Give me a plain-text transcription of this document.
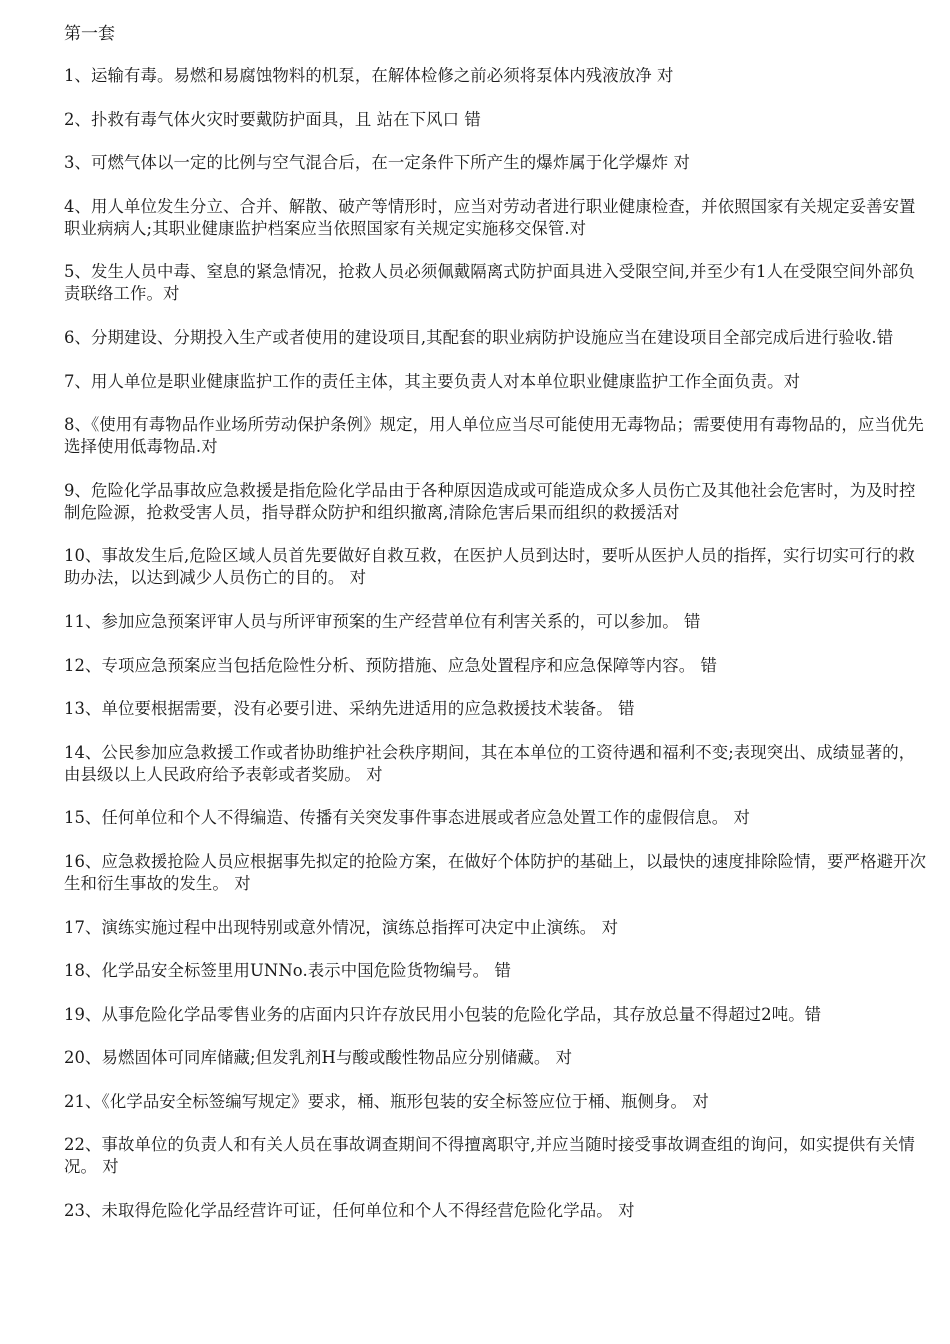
第一套
1、运输有毒。易燃和易腐蚀物料的机泵，在解体检修之前必须将泵体内残液放净 对
2、扑救有毒气体火灾时要戴防护面具，且 站在下风口 错
3、可燃气体以一定的比例与空气混合后，在一定条件下所产生的爆炸属于化学爆炸 对
4、用人单位发生分立、合并、解散、破产等情形时，应当对劳动者进行职业健康检查，并依照国家有关规定妥善安置职业病病人;其职业健康监护档案应当依照国家有关规定实施移交保管.对
5、发生人员中毒、窒息的紧急情况，抢救人员必须佩戴隔离式防护面具进入受限空间,并至少有1人在受限空间外部负责联络工作。对
6、分期建设、分期投入生产或者使用的建设项目,其配套的职业病防护设施应当在建设项目全部完成后进行验收.错
7、用人单位是职业健康监护工作的责任主体，其主要负责人对本单位职业健康监护工作全面负责。对
8、《使用有毒物品作业场所劳动保护条例》规定，用人单位应当尽可能使用无毒物品；需要使用有毒物品的，应当优先选择使用低毒物品.对
9、危险化学品事故应急救援是指危险化学品由于各种原因造成或可能造成众多人员伤亡及其他社会危害时，为及时控制危险源，抢救受害人员，指导群众防护和组织撤离,清除危害后果而组织的救援活对
10、事故发生后,危险区域人员首先要做好自救互救，在医护人员到达时，要听从医护人员的指挥，实行切实可行的救助办法，以达到减少人员伤亡的目的。 对
11、参加应急预案评审人员与所评审预案的生产经营单位有利害关系的，可以参加。 错
12、专项应急预案应当包括危险性分析、预防措施、应急处置程序和应急保障等内容。 错
13、单位要根据需要，没有必要引进、采纳先进适用的应急救援技术装备。 错
14、公民参加应急救援工作或者协助维护社会秩序期间，其在本单位的工资待遇和福利不变;表现突出、成绩显著的，由县级以上人民政府给予表彰或者奖励。 对
15、任何单位和个人不得编造、传播有关突发事件事态进展或者应急处置工作的虚假信息。 对
16、应急救援抢险人员应根据事先拟定的抢险方案，在做好个体防护的基础上，以最快的速度排除险情，要严格避开次生和衍生事故的发生。 对
17、演练实施过程中出现特别或意外情况，演练总指挥可决定中止演练。 对
18、化学品安全标签里用UNNo.表示中国危险货物编号。 错
19、从事危险化学品零售业务的店面内只许存放民用小包装的危险化学品，其存放总量不得超过2吨。错
20、易燃固体可同库储藏;但发乳剂H与酸或酸性物品应分别储藏。 对
21、《化学品安全标签编写规定》要求，桶、瓶形包装的安全标签应位于桶、瓶侧身。 对
22、事故单位的负责人和有关人员在事故调查期间不得擅离职守,并应当随时接受事故调查组的询问，如实提供有关情况。 对
23、未取得危险化学品经营许可证，任何单位和个人不得经营危险化学品。 对
